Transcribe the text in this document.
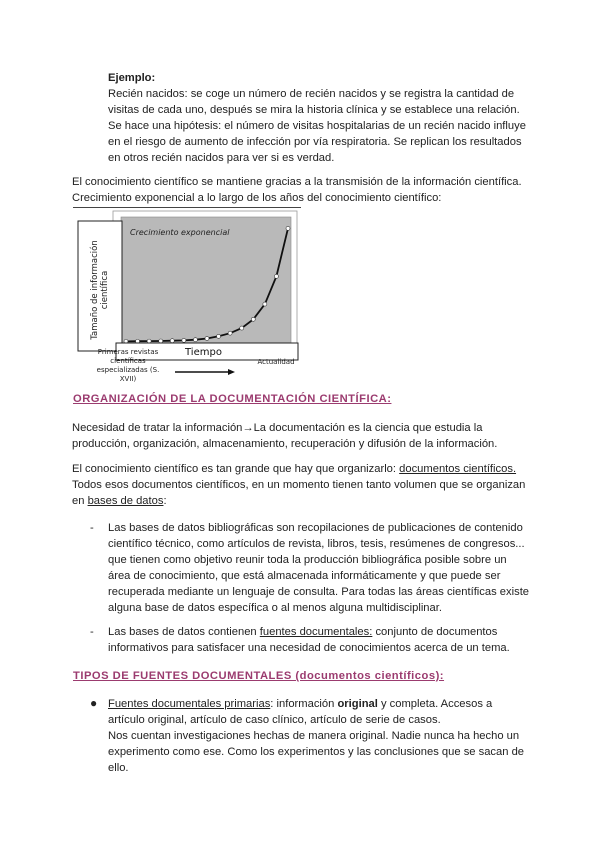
Ejemplo:

Recién nacidos: se coge un número de recién nacidos y se registra la cantidad de

visitas de cada uno, después se mira la historia clínica y se establece una relación.

Se hace una hipótesis: el número de visitas hospitalarias de un recién nacido influye

en el riesgo de aumento de infección por vía respiratoria. Se replican los resultados

en otros recién nacidos para ver si es verdad.

El conocimiento científico se mantiene gracias a la transmisión de la información científica.

Crecimiento exponencial a lo largo de los años del conocimiento científico:

Crecimiento exponencial
Tamaño de información científica
Tiempo
Primeras revistas científicas especializadas (S. XVII)
Actualidad
ORGANIZACIÓN DE LA DOCUMENTACIÓN CIENTÍFICA:

Necesidad de tratar la información→La documentación es la ciencia que estudia la

producción, organización, almacenamiento, recuperación y difusión de la información.

El conocimiento científico es tan grande que hay que organizarlo: documentos científicos.

Todos esos documentos científicos, en un momento tienen tanto volumen que se organizan

en bases de datos:

- Las bases de datos bibliográficas son recopilaciones de publicaciones de contenido

científico técnico, como artículos de revista, libros, tesis, resúmenes de congresos...

que tienen como objetivo reunir toda la producción bibliográfica posible sobre un

área de conocimiento, que está almacenada informáticamente y que puede ser

recuperada mediante un lenguaje de consulta. Para todas las áreas científicas existe

alguna base de datos específica o al menos alguna multidisciplinar.

- Las bases de datos contienen fuentes documentales: conjunto de documentos

informativos para satisfacer una necesidad de conocimientos acerca de un tema.

TIPOS DE FUENTES DOCUMENTALES (documentos científicos):
● Fuentes documentales primarias: información original y completa. Accesos a

artículo original, artículo de caso clínico, artículo de serie de casos.

Nos cuentan investigaciones hechas de manera original. Nadie nunca ha hecho un

experimento como ese. Como los experimentos y las conclusiones que se sacan de

ello.
